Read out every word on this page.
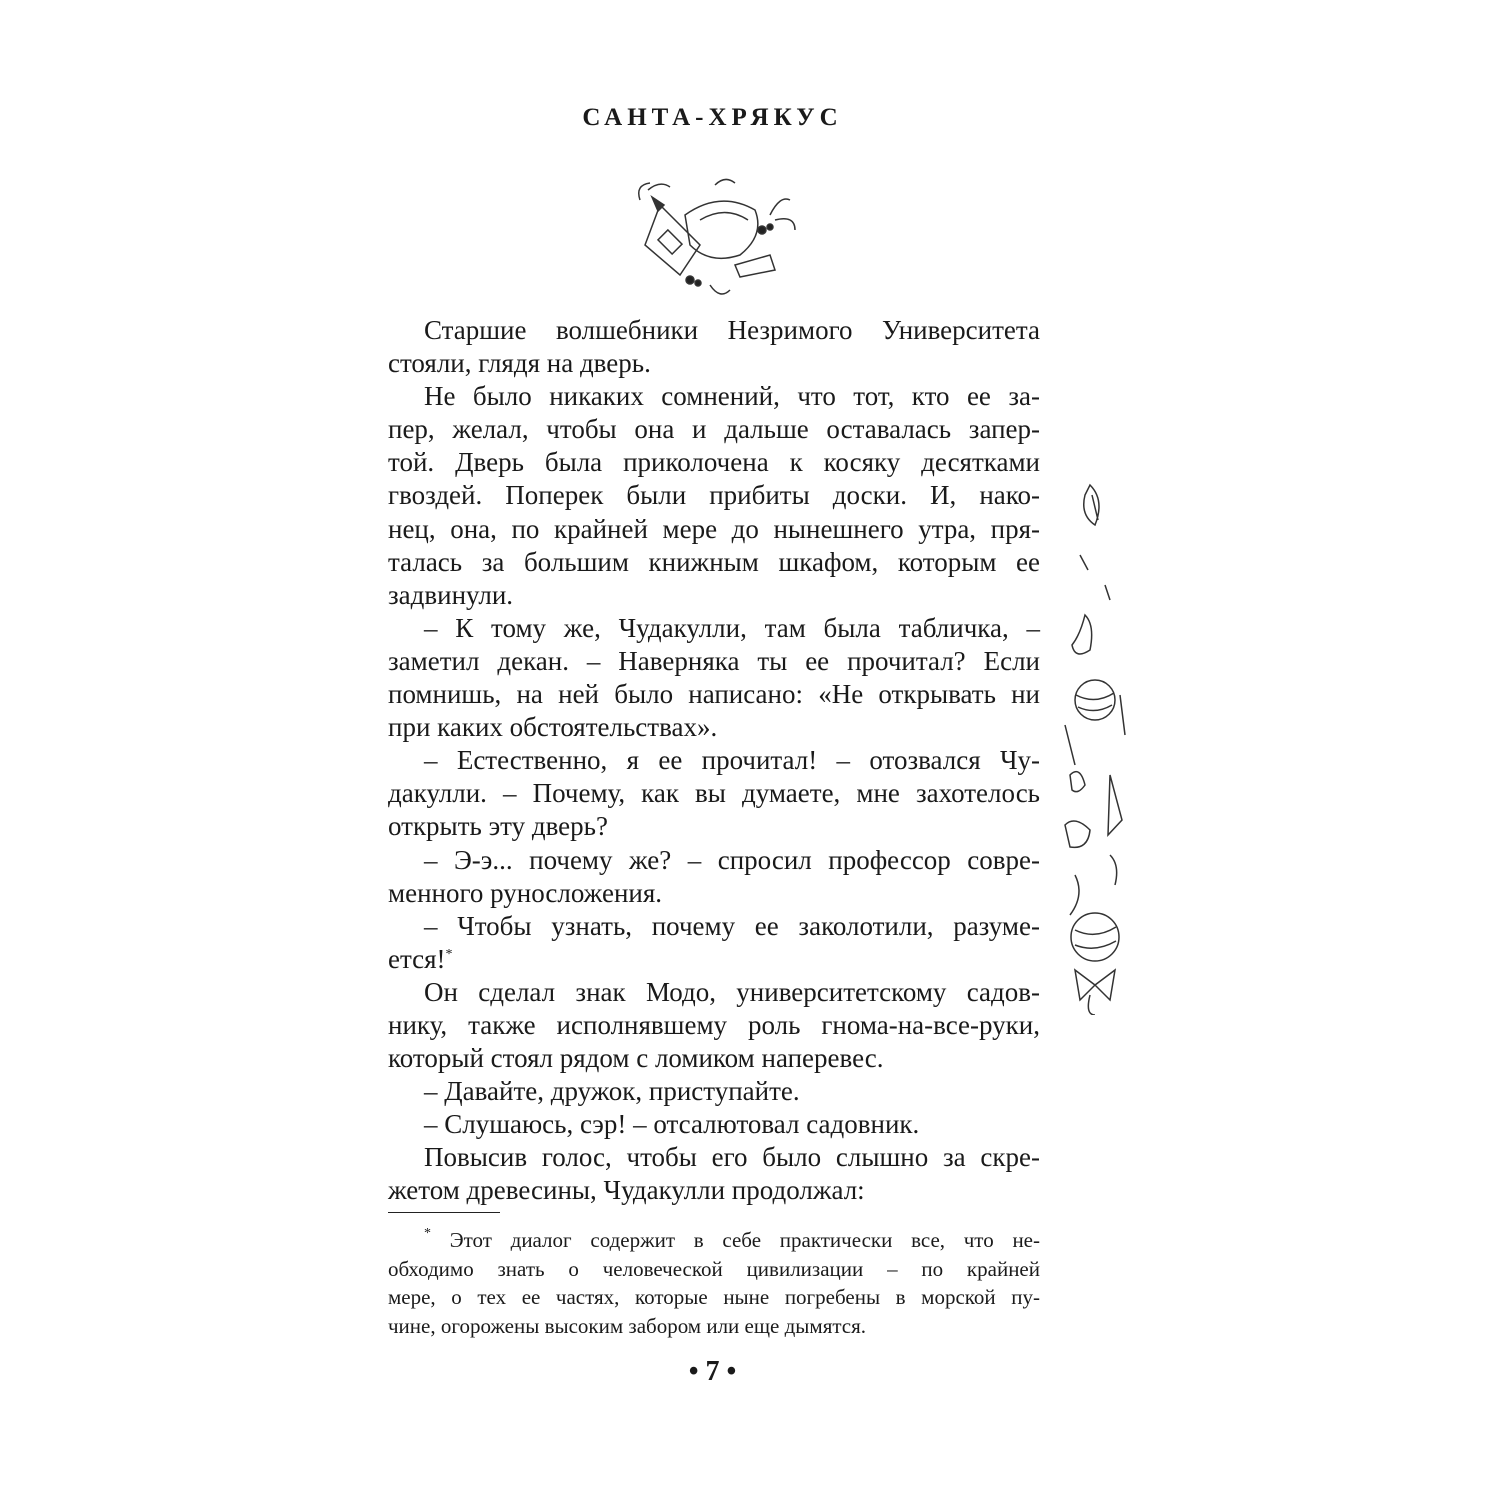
САНТА-ХРЯКУС
Старшие волшебники Незримого Университета
стояли, глядя на дверь.
Не было никаких сомнений, что тот, кто ее за-
пер, желал, чтобы она и дальше оставалась запер-
той. Дверь была приколочена к косяку десятками
гвоздей. Поперек были прибиты доски. И, нако-
нец, она, по крайней мере до нынешнего утра, пря-
талась за большим книжным шкафом, которым ее
задвинули.
– К тому же, Чудакулли, там была табличка, –
заметил декан. – Наверняка ты ее прочитал? Если
помнишь, на ней было написано: «Не открывать ни
при каких обстоятельствах».
– Естественно, я ее прочитал! – отозвался Чу-
дакулли. – Почему, как вы думаете, мне захотелось
открыть эту дверь?
– Э-э... почему же? – спросил профессор совре-
менного руносложения.
– Чтобы узнать, почему ее заколотили, разуме-
ется!*
Он сделал знак Модо, университетскому садов-
нику, также исполнявшему роль гнома-на-все-руки,
который стоял рядом с ломиком наперевес.
– Давайте, дружок, приступайте.
– Слушаюсь, сэр! – отсалютовал садовник.
Повысив голос, чтобы его было слышно за скре-
жетом древесины, Чудакулли продолжал:
* Этот диалог содержит в себе практически все, что не-
обходимо знать о человеческой цивилизации – по крайней
мере, о тех ее частях, которые ныне погребены в морской пу-
чине, огорожены высоким забором или еще дымятся.
• 7 •
